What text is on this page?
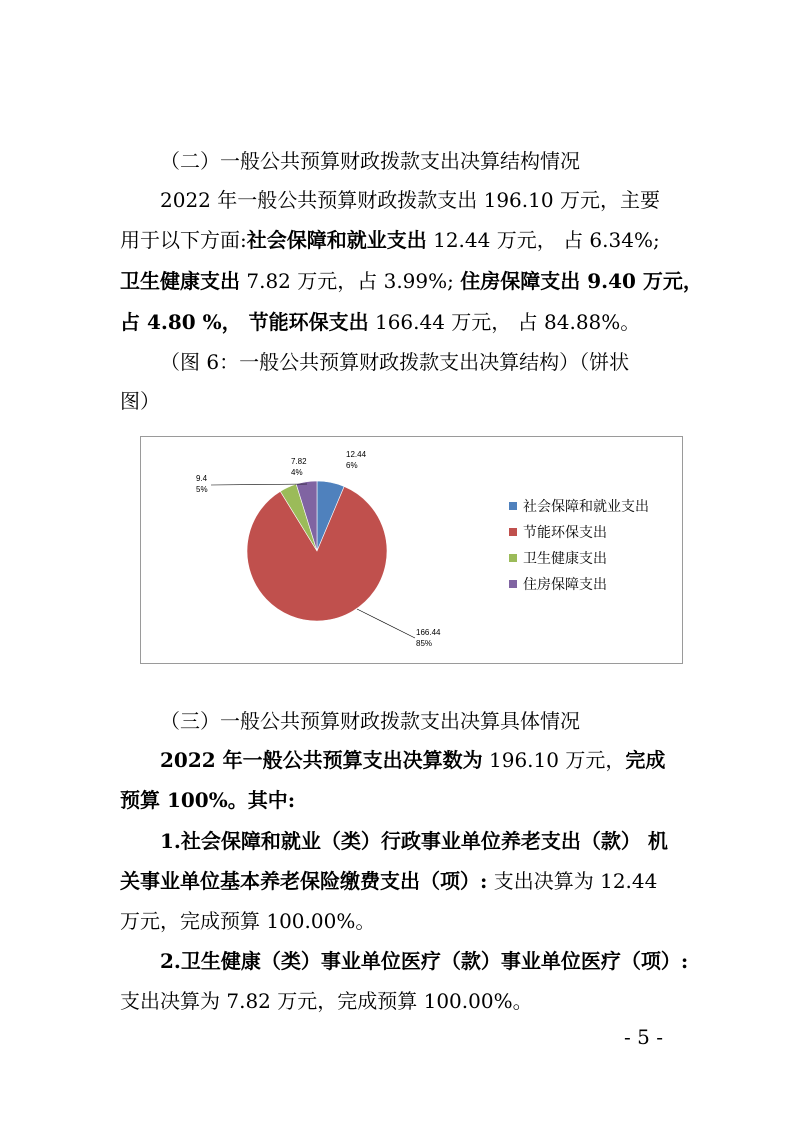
（二）一般公共预算财政拨款支出决算结构情况
2022 年一般公共预算财政拨款支出 196.10 万元，主要
用于以下方面:社会保障和就业支出 12.44 万元， 占 6.34%;
卫生健康支出 7.82 万元，占 3.99%; 住房保障支出 9.40 万元，
占 4.80 %， 节能环保支出 166.44 万元， 占 84.88%。
（图 6：一般公共预算财政拨款支出决算结构）（饼状
图）
12.44
6%
166.44
85%
7.82
4%
9.4
5%
社会保障和就业支出
节能环保支出
卫生健康支出
住房保障支出
（三）一般公共预算财政拨款支出决算具体情况
2022 年一般公共预算支出决算数为 196.10 万元，完成
预算 100%。其中:
1.社会保障和就业（类）行政事业单位养老支出（款） 机
关事业单位基本养老保险缴费支出（项）: 支出决算为 12.44
万元，完成预算 100.00%。
2.卫生健康（类）事业单位医疗（款）事业单位医疗（项）:
支出决算为 7.82 万元，完成预算 100.00%。
- 5 -
